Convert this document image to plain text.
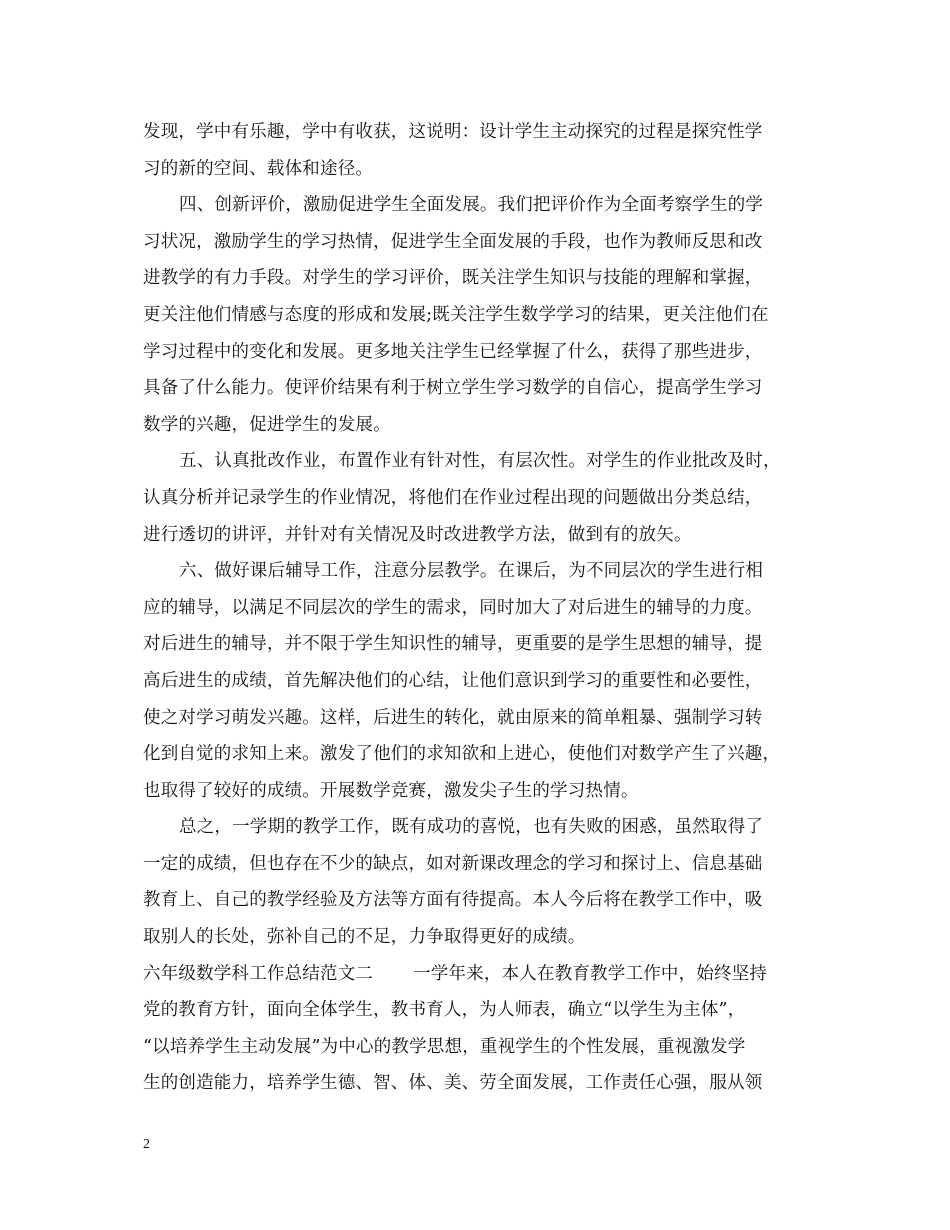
发现，学中有乐趣，学中有收获，这说明：设计学生主动探究的过程是探究性学
习的新的空间、载体和途径。
四、创新评价，激励促进学生全面发展。我们把评价作为全面考察学生的学
习状况，激励学生的学习热情，促进学生全面发展的手段，也作为教师反思和改
进教学的有力手段。对学生的学习评价，既关注学生知识与技能的理解和掌握，
更关注他们情感与态度的形成和发展;既关注学生数学学习的结果，更关注他们在
学习过程中的变化和发展。更多地关注学生已经掌握了什么，获得了那些进步，
具备了什么能力。使评价结果有利于树立学生学习数学的自信心，提高学生学习
数学的兴趣，促进学生的发展。
五、认真批改作业，布置作业有针对性，有层次性。对学生的作业批改及时，
认真分析并记录学生的作业情况，将他们在作业过程出现的问题做出分类总结，
进行透切的讲评，并针对有关情况及时改进教学方法，做到有的放矢。
六、做好课后辅导工作，注意分层教学。在课后，为不同层次的学生进行相
应的辅导，以满足不同层次的学生的需求，同时加大了对后进生的辅导的力度。
对后进生的辅导，并不限于学生知识性的辅导，更重要的是学生思想的辅导，提
高后进生的成绩，首先解决他们的心结，让他们意识到学习的重要性和必要性，
使之对学习萌发兴趣。这样，后进生的转化，就由原来的简单粗暴、强制学习转
化到自觉的求知上来。激发了他们的求知欲和上进心，使他们对数学产生了兴趣，
也取得了较好的成绩。开展数学竞赛，激发尖子生的学习热情。
总之，一学期的教学工作，既有成功的喜悦，也有失败的困惑，虽然取得了
一定的成绩，但也存在不少的缺点，如对新课改理念的学习和探讨上、信息基础
教育上、自己的教学经验及方法等方面有待提高。本人今后将在教学工作中，吸
取别人的长处，弥补自己的不足，力争取得更好的成绩。
六年级数学科工作总结范文二 一学年来，本人在教育教学工作中，始终坚持
党的教育方针，面向全体学生，教书育人，为人师表，确立“以学生为主体”，
“以培养学生主动发展”为中心的教学思想，重视学生的个性发展，重视激发学
生的创造能力，培养学生德、智、体、美、劳全面发展，工作责任心强，服从领
2
